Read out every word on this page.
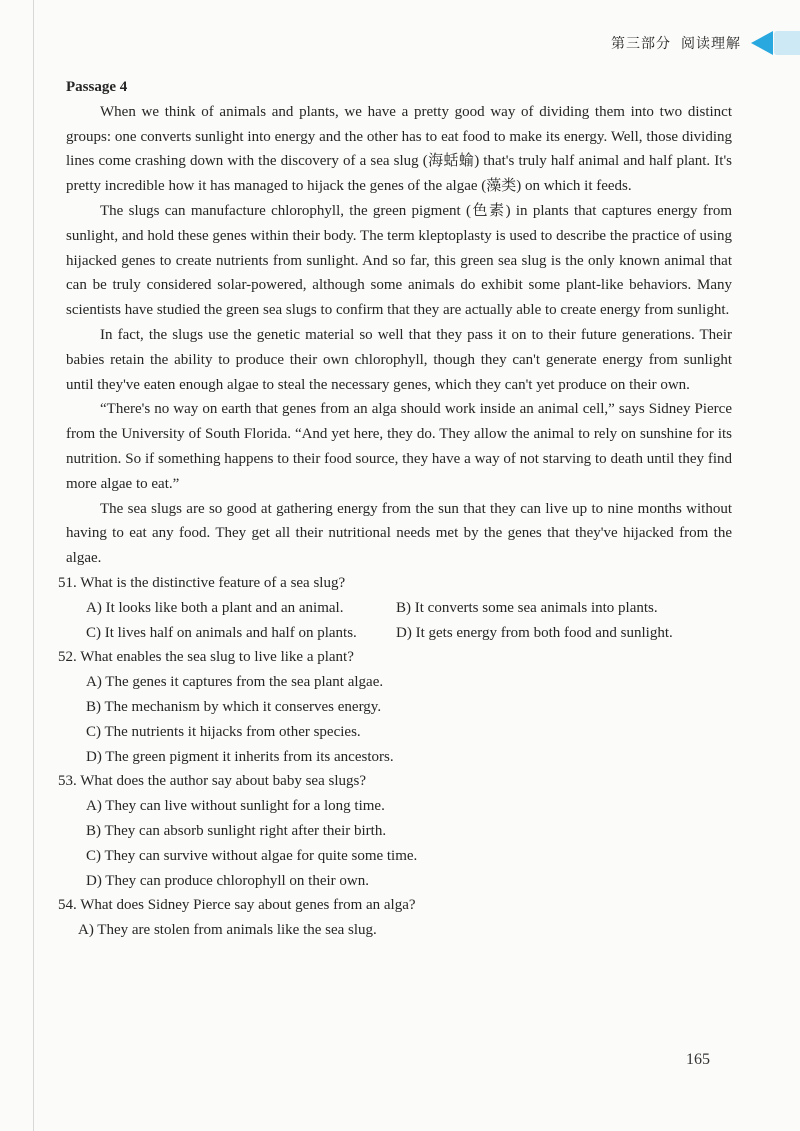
第三部分 阅读理解

Passage 4

When we think of animals and plants, we have a pretty good way of dividing them into two distinct groups: one converts sunlight into energy and the other has to eat food to make its energy. Well, those dividing lines come crashing down with the discovery of a sea slug (海蛞蝓) that's truly half animal and half plant. It's pretty incredible how it has managed to hijack the genes of the algae (藻类) on which it feeds.

The slugs can manufacture chlorophyll, the green pigment (色素) in plants that captures energy from sunlight, and hold these genes within their body. The term kleptoplasty is used to describe the practice of using hijacked genes to create nutrients from sunlight. And so far, this green sea slug is the only known animal that can be truly considered solar-powered, although some animals do exhibit some plant-like behaviors. Many scientists have studied the green sea slugs to confirm that they are actually able to create energy from sunlight.

In fact, the slugs use the genetic material so well that they pass it on to their future generations. Their babies retain the ability to produce their own chlorophyll, though they can't generate energy from sunlight until they've eaten enough algae to steal the necessary genes, which they can't yet produce on their own.

“There's no way on earth that genes from an alga should work inside an animal cell,” says Sidney Pierce from the University of South Florida. “And yet here, they do. They allow the animal to rely on sunshine for its nutrition. So if something happens to their food source, they have a way of not starving to death until they find more algae to eat.”

The sea slugs are so good at gathering energy from the sun that they can live up to nine months without having to eat any food. They get all their nutritional needs met by the genes that they've hijacked from the algae.

51. What is the distinctive feature of a sea slug?

A) It looks like both a plant and an animal.	B) It converts some sea animals into plants.
C) It lives half on animals and half on plants.	D) It gets energy from both food and sunlight.

52. What enables the sea slug to live like a plant?

A) The genes it captures from the sea plant algae.

B) The mechanism by which it conserves energy.

C) The nutrients it hijacks from other species.

D) The green pigment it inherits from its ancestors.

53. What does the author say about baby sea slugs?

A) They can live without sunlight for a long time.

B) They can absorb sunlight right after their birth.

C) They can survive without algae for quite some time.

D) They can produce chlorophyll on their own.

54. What does Sidney Pierce say about genes from an alga?

A) They are stolen from animals like the sea slug.

165
